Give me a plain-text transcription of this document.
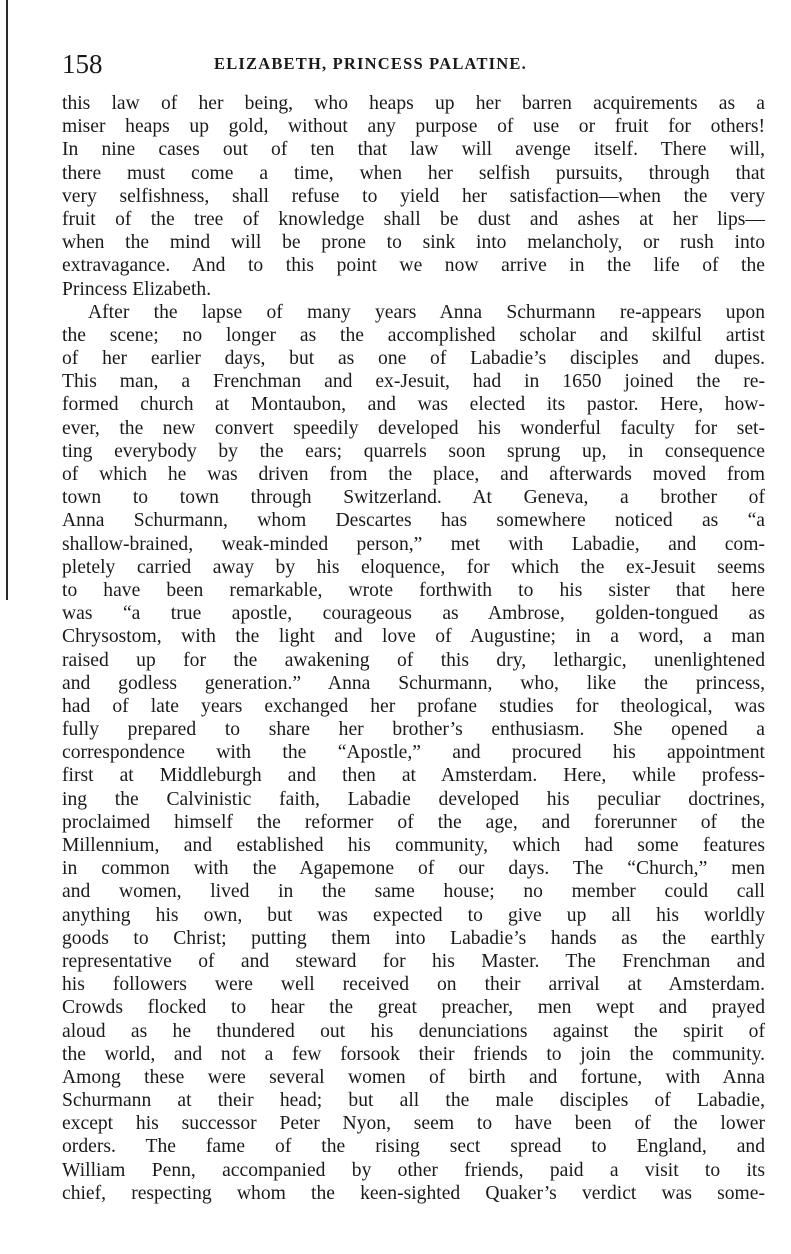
158	ELIZABETH, PRINCESS PALATINE.
this law of her being, who heaps up her barren acquirements as a
miser heaps up gold, without any purpose of use or fruit for others!
In nine cases out of ten that law will avenge itself. There will,
there must come a time, when her selfish pursuits, through that
very selfishness, shall refuse to yield her satisfaction—when the very
fruit of the tree of knowledge shall be dust and ashes at her lips—
when the mind will be prone to sink into melancholy, or rush into
extravagance. And to this point we now arrive in the life of the
Princess Elizabeth.
After the lapse of many years Anna Schurmann re-appears upon
the scene; no longer as the accomplished scholar and skilful artist
of her earlier days, but as one of Labadie’s disciples and dupes.
This man, a Frenchman and ex-Jesuit, had in 1650 joined the re-
formed church at Montaubon, and was elected its pastor. Here, how-
ever, the new convert speedily developed his wonderful faculty for set-
ting everybody by the ears; quarrels soon sprung up, in consequence
of which he was driven from the place, and afterwards moved from
town to town through Switzerland. At Geneva, a brother of
Anna Schurmann, whom Descartes has somewhere noticed as “a
shallow-brained, weak-minded person,” met with Labadie, and com-
pletely carried away by his eloquence, for which the ex-Jesuit seems
to have been remarkable, wrote forthwith to his sister that here
was “a true apostle, courageous as Ambrose, golden-tongued as
Chrysostom, with the light and love of Augustine; in a word, a man
raised up for the awakening of this dry, lethargic, unenlightened
and godless generation.” Anna Schurmann, who, like the princess,
had of late years exchanged her profane studies for theological, was
fully prepared to share her brother’s enthusiasm. She opened a
correspondence with the “Apostle,” and procured his appointment
first at Middleburgh and then at Amsterdam. Here, while profess-
ing the Calvinistic faith, Labadie developed his peculiar doctrines,
proclaimed himself the reformer of the age, and forerunner of the
Millennium, and established his community, which had some features
in common with the Agapemone of our days. The “Church,” men
and women, lived in the same house; no member could call
anything his own, but was expected to give up all his worldly
goods to Christ; putting them into Labadie’s hands as the earthly
representative of and steward for his Master. The Frenchman and
his followers were well received on their arrival at Amsterdam.
Crowds flocked to hear the great preacher, men wept and prayed
aloud as he thundered out his denunciations against the spirit of
the world, and not a few forsook their friends to join the community.
Among these were several women of birth and fortune, with Anna
Schurmann at their head; but all the male disciples of Labadie,
except his successor Peter Nyon, seem to have been of the lower
orders. The fame of the rising sect spread to England, and
William Penn, accompanied by other friends, paid a visit to its
chief, respecting whom the keen-sighted Quaker’s verdict was some-
